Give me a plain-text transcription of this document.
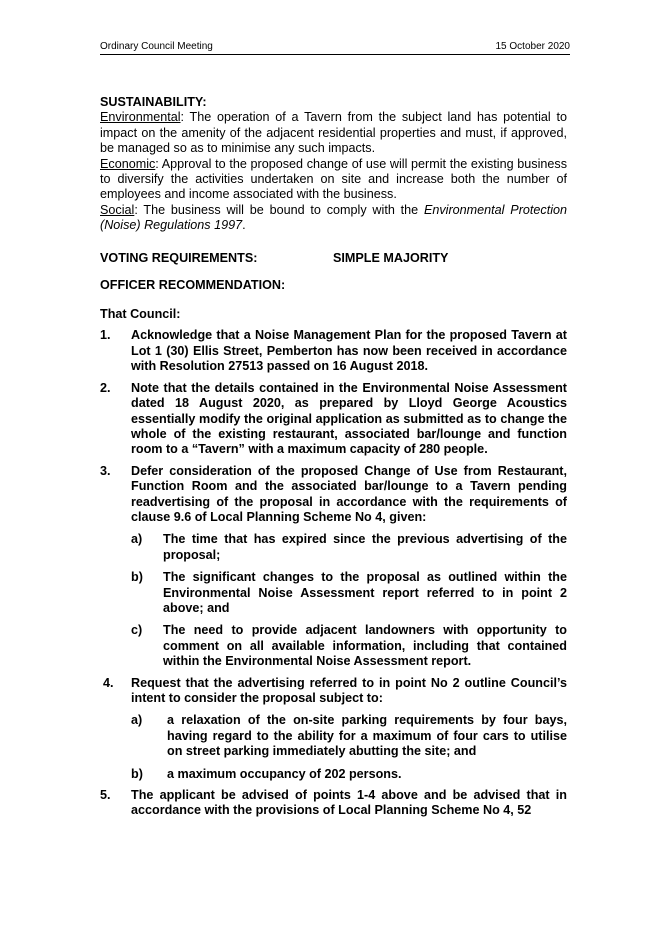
Ordinary Council Meeting	15 October 2020

SUSTAINABILITY:

Environmental: The operation of a Tavern from the subject land has potential to impact on the amenity of the adjacent residential properties and must, if approved, be managed so as to minimise any such impacts.

Economic: Approval to the proposed change of use will permit the existing business to diversify the activities undertaken on site and increase both the number of employees and income associated with the business.

Social: The business will be bound to comply with the Environmental Protection (Noise) Regulations 1997.

VOTING REQUIREMENTS:	SIMPLE MAJORITY

OFFICER RECOMMENDATION:

That Council:

1. Acknowledge that a Noise Management Plan for the proposed Tavern at Lot 1 (30) Ellis Street, Pemberton has now been received in accordance with Resolution 27513 passed on 16 August 2018.
2. Note that the details contained in the Environmental Noise Assessment dated 18 August 2020, as prepared by Lloyd George Acoustics essentially modify the original application as submitted as to change the whole of the existing restaurant, associated bar/lounge and function room to a “Tavern” with a maximum capacity of 280 people.
3. Defer consideration of the proposed Change of Use from Restaurant, Function Room and the associated bar/lounge to a Tavern pending readvertising of the proposal in accordance with the requirements of clause 9.6 of Local Planning Scheme No 4, given:
a) The time that has expired since the previous advertising of the proposal;
b) The significant changes to the proposal as outlined within the Environmental Noise Assessment report referred to in point 2 above; and
c) The need to provide adjacent landowners with opportunity to comment on all available information, including that contained within the Environmental Noise Assessment report.
4. Request that the advertising referred to in point No 2 outline Council’s intent to consider the proposal subject to:
a) a relaxation of the on-site parking requirements by four bays, having regard to the ability for a maximum of four cars to utilise on street parking immediately abutting the site; and
b) a maximum occupancy of 202 persons.
5. The applicant be advised of points 1-4 above and be advised that in accordance with the provisions of Local Planning Scheme No 4, 52
